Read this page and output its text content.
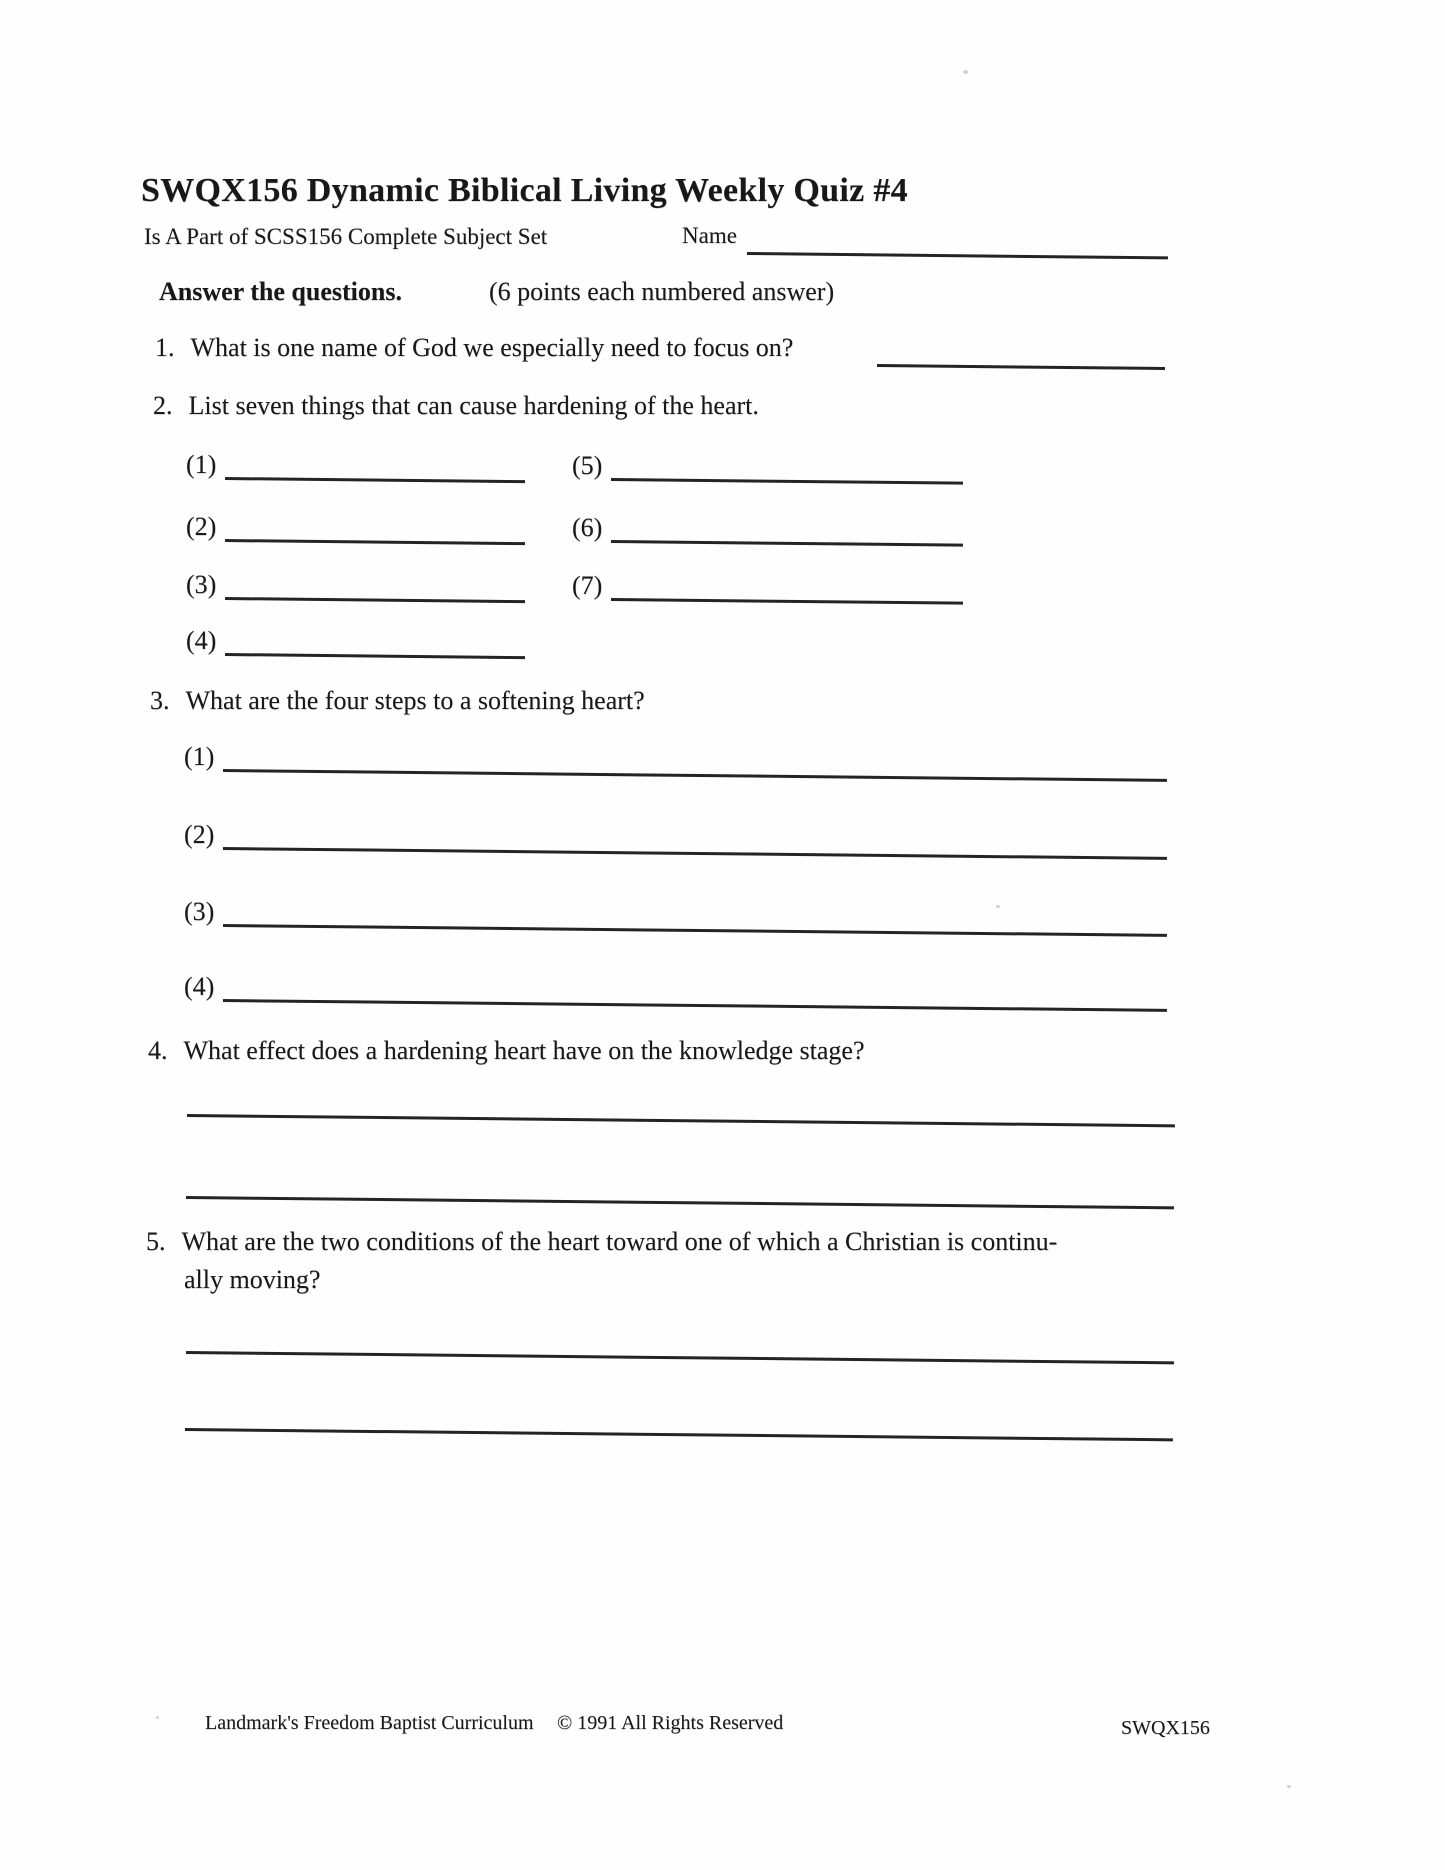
SWQX156 Dynamic Biblical Living Weekly Quiz #4
Is A Part of SCSS156 Complete Subject Set	Name
Answer the questions.	(6 points each numbered answer)
1. What is one name of God we especially need to focus on?
2. List seven things that can cause hardening of the heart.
(1)
(2)
(3)
(4)
(5)
(6)
(7)
3. What are the four steps to a softening heart?
(1)
(2)
(3)
(4)
4. What effect does a hardening heart have on the knowledge stage?
5. What are the two conditions of the heart toward one of which a Christian is continu-
ally moving?
Landmark's Freedom Baptist Curriculum © 1991 All Rights Reserved	SWQX156
